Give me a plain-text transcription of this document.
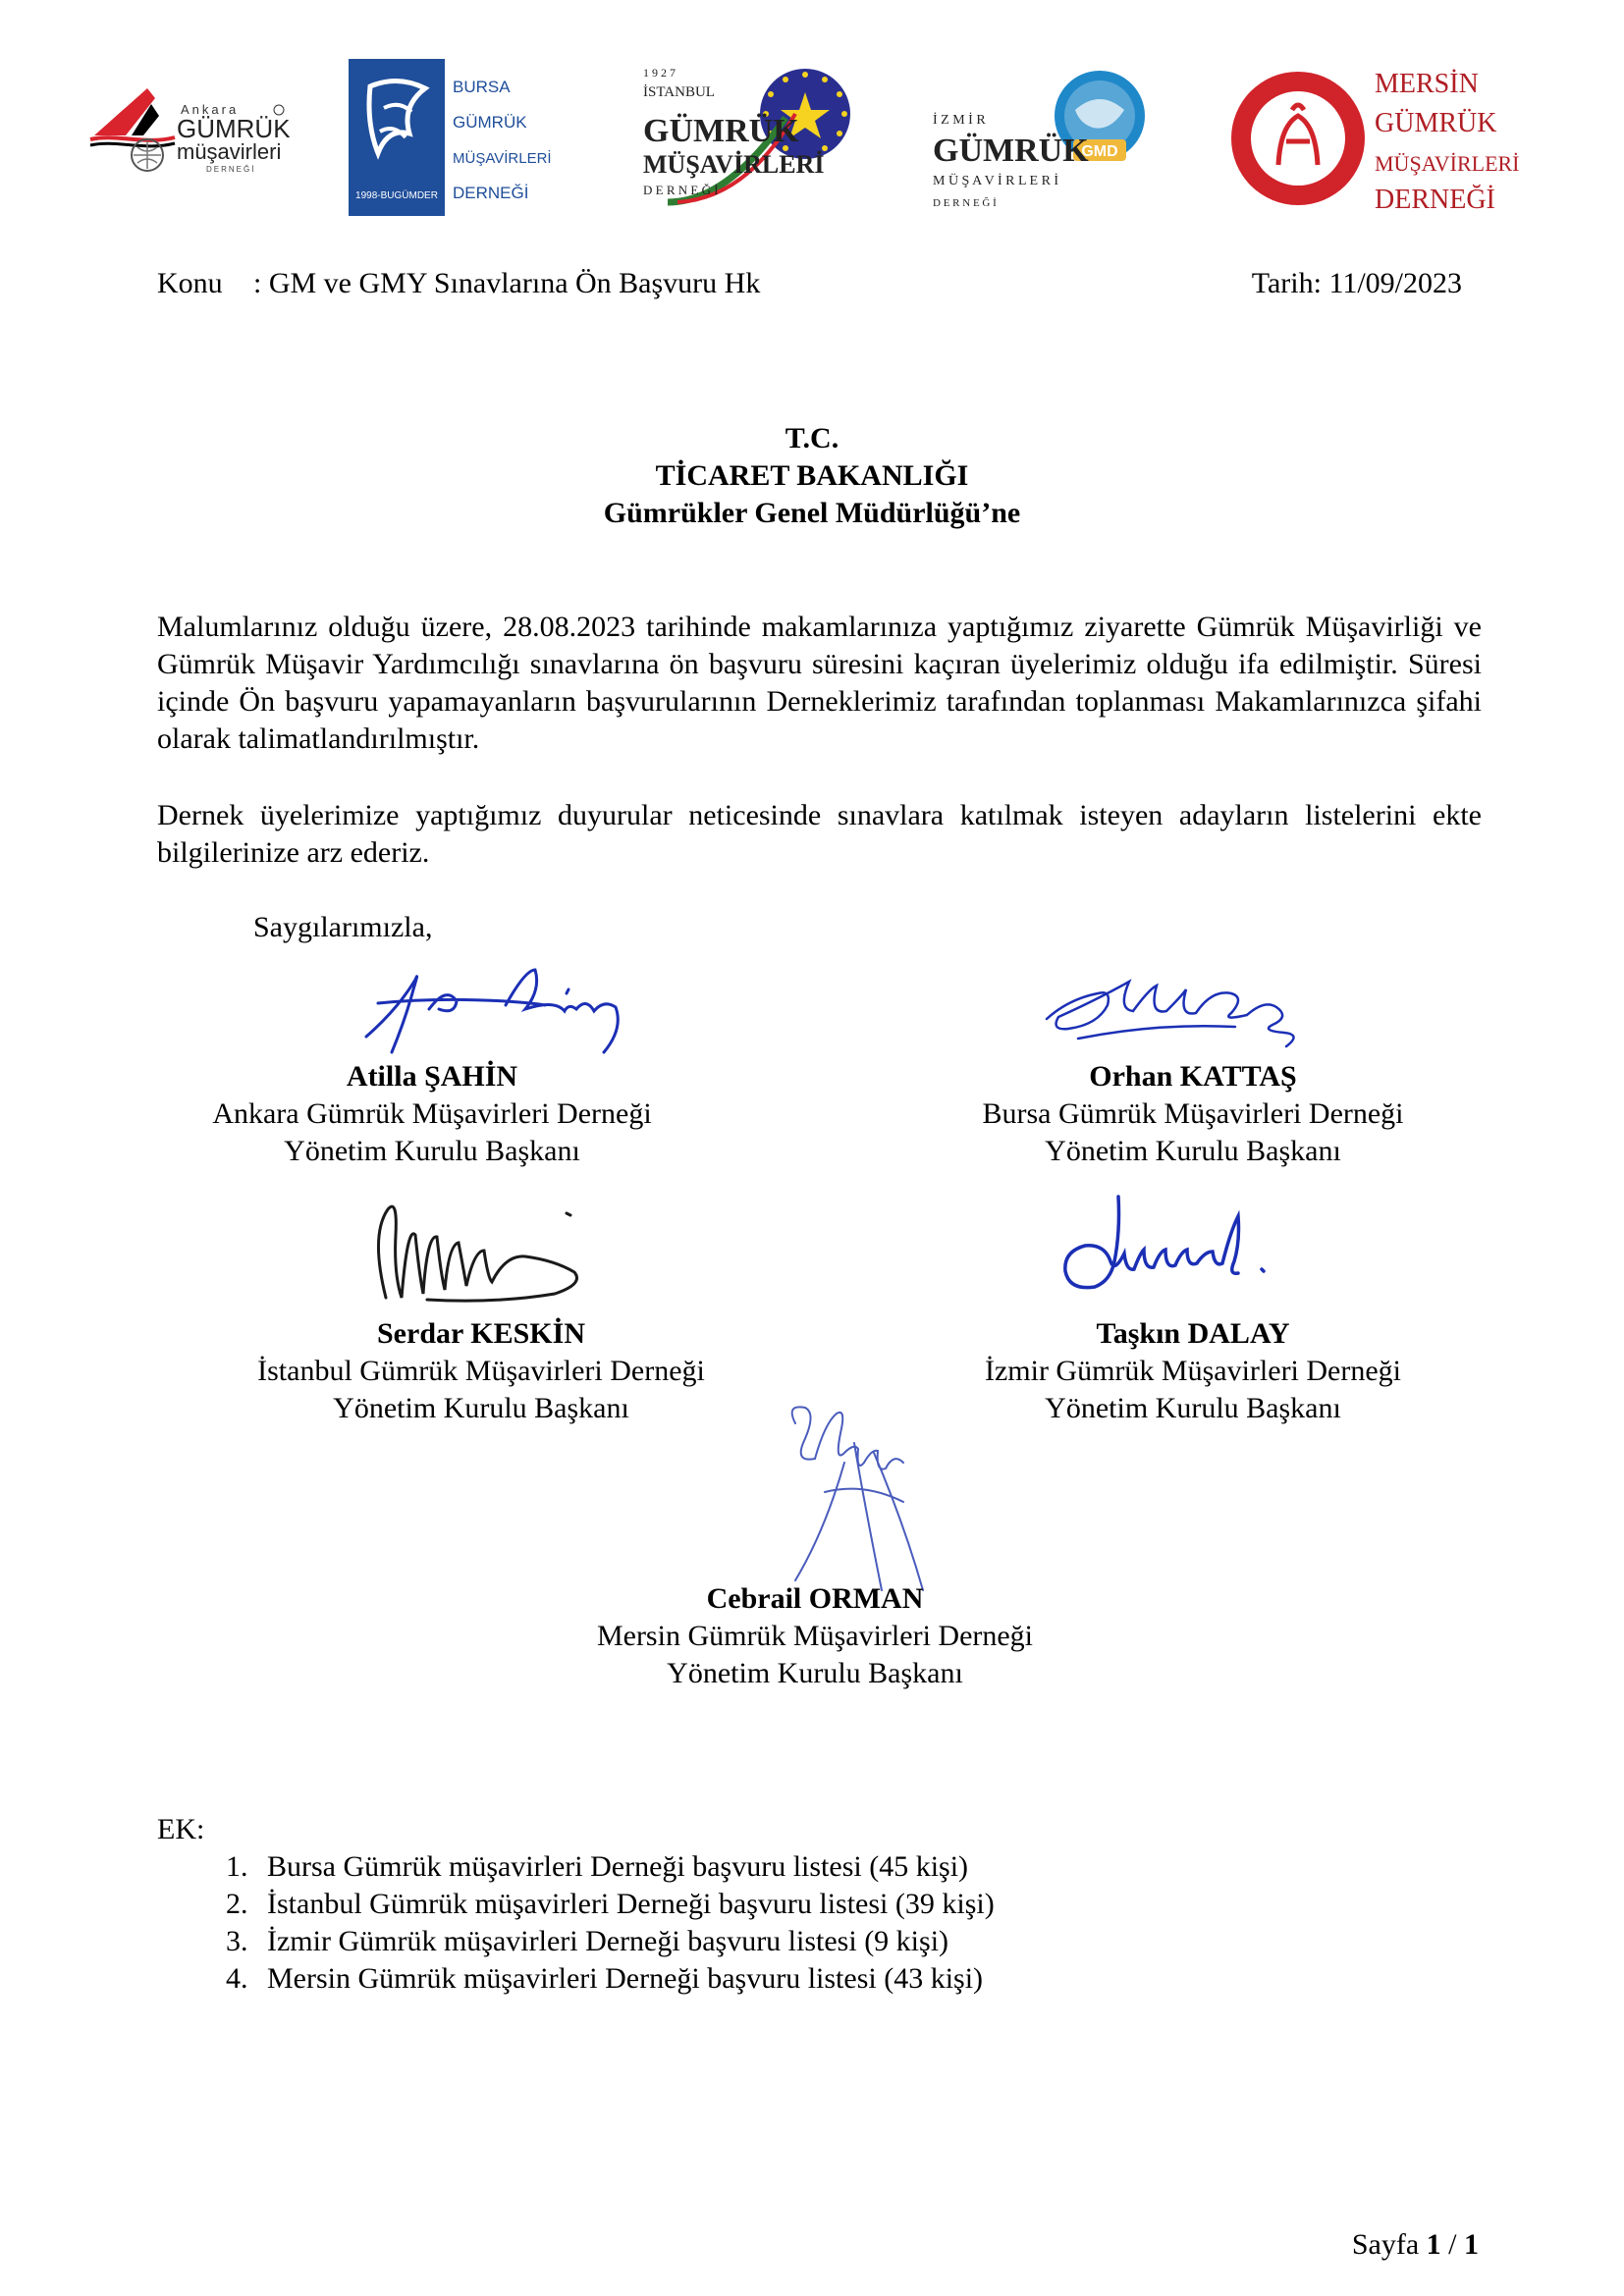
Ankara
GÜMRÜK
müşavirleri
DERNEĞİ
1998-BUGÜMDER
BURSA
GÜMRÜK
MÜŞAVİRLERİ
DERNEĞİ
1 9 2 7
İSTANBUL
GÜMRÜK
MÜŞAVİRLERİ
D E R N E Ğ İ
GMD
İ Z M İ R
GÜMRÜK
M Ü Ş A V İ R L E R İ
D E R N E Ğ İ
MERSİN
GÜMRÜK
MÜŞAVİRLERİ
DERNEĞİ
Konu : GM ve GMY Sınavlarına Ön Başvuru Hk	Tarih: 11/09/2023
T.C.
TİCARET BAKANLIĞI
Gümrükler Genel Müdürlüğü’ne

Malumlarınız olduğu üzere, 28.08.2023 tarihinde makamlarınıza yaptığımız ziyarette Gümrük Müşavirliği ve Gümrük Müşavir Yardımcılığı sınavlarına ön başvuru süresini kaçıran üyelerimiz olduğu ifa edilmiştir. Süresi içinde Ön başvuru yapamayanların başvurularının Derneklerimiz tarafından toplanması Makamlarınızca şifahi olarak talimatlandırılmıştır.

Dernek üyelerimize yaptığımız duyurular neticesinde sınavlara katılmak isteyen adayların listelerini ekte bilgilerinize arz ederiz.

Saygılarımızla,
Atilla ŞAHİN
Ankara Gümrük Müşavirleri Derneği
Yönetim Kurulu Başkanı
Orhan KATTAŞ
Bursa Gümrük Müşavirleri Derneği
Yönetim Kurulu Başkanı
Serdar KESKİN
İstanbul Gümrük Müşavirleri Derneği
Yönetim Kurulu Başkanı
Taşkın DALAY
İzmir Gümrük Müşavirleri Derneği
Yönetim Kurulu Başkanı
Cebrail ORMAN
Mersin Gümrük Müşavirleri Derneği
Yönetim Kurulu Başkanı
EK:
1. Bursa Gümrük müşavirleri Derneği başvuru listesi (45 kişi)
2. İstanbul Gümrük müşavirleri Derneği başvuru listesi (39 kişi)
3. İzmir Gümrük müşavirleri Derneği başvuru listesi (9 kişi)
4. Mersin Gümrük müşavirleri Derneği başvuru listesi (43 kişi)
Sayfa 1 / 1
